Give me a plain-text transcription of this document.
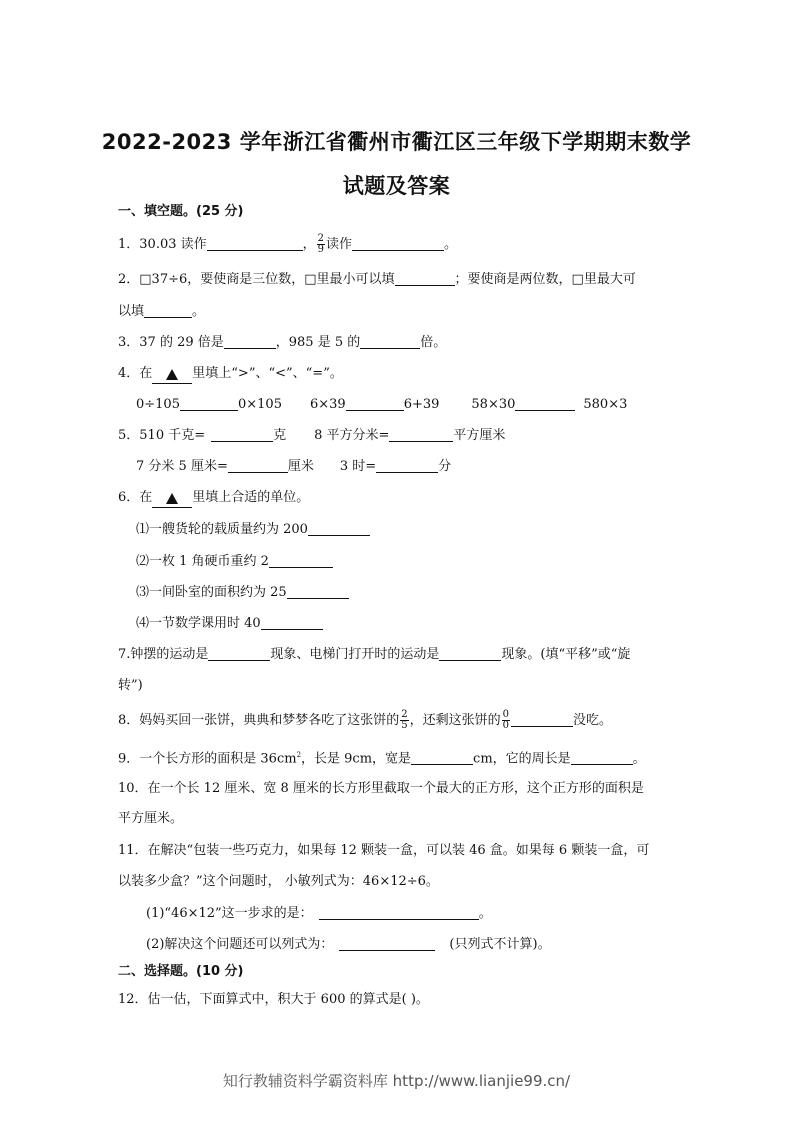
2022-2023 学年浙江省衢州市衢江区三年级下学期期末数学
试题及答案
一、填空题。(25 分)
1．30.03 读作	， $\frac{2}{9}$ 读作	。
2．□37÷6，要使商是三位数，□里最小可以填	；要使商是两位数，□里最大可
以填	。
3．37 的 29 倍是	，985 是 5 的	倍。
4．在	里填上“>”、“<”、“=”。
0÷105	0×105 6×39	6+39 58×30	580×3
5．510 千克=	克 8 平方分米=	平方厘米
7 分米 5 厘米=	厘米 3 时=	分
6．在	里填上合适的单位。
⑴一艘货轮的载质量约为 200
⑵一枚 1 角硬币重约 2
⑶一间卧室的面积约为 25
⑷一节数学课用时 40
7.钟摆的运动是	现象、电梯门打开时的运动是	现象。(填“平移”或“旋
转”)
8．妈妈买回一张饼，典典和梦梦各吃了这张饼的 $\frac{2}{5}$ ，还剩这张饼的 $\frac{0}{0}$	没吃。
9．一个长方形的面积是 $36cm^2$，长是 9cm，宽是	cm，它的周长是	。
10．在一个长 12 厘米、宽 8 厘米的长方形里截取一个最大的正方形，这个正方形的面积是
平方厘米。
11．在解决“包装一些巧克力，如果每 12 颗装一盒，可以装 46 盒。如果每 6 颗装一盒，可
以装多少盒？”这个问题时， 小敏列式为：46×12÷6。
(1)“46×12”这一步求的是：	。
(2)解决这个问题还可以列式为：	(只列式不计算)。
二、选择题。(10 分)
12．估一估，下面算式中，积大于 600 的算式是( )。
知行教辅资料学霸资料库 http://www.lianjie99.cn/
